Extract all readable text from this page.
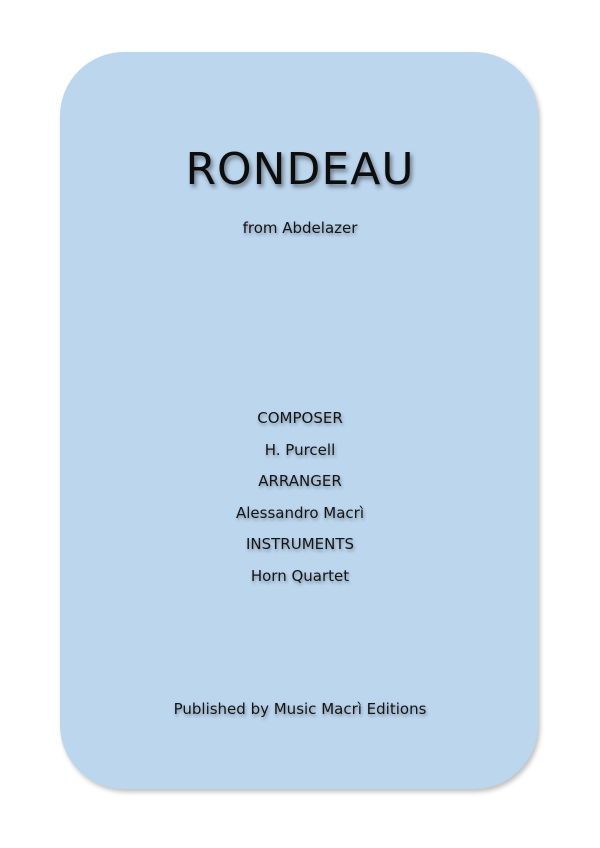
RONDEAU
from Abdelazer
COMPOSER
H. Purcell
ARRANGER
Alessandro Macrì
INSTRUMENTS
Horn Quartet
Published by Music Macrì Editions
